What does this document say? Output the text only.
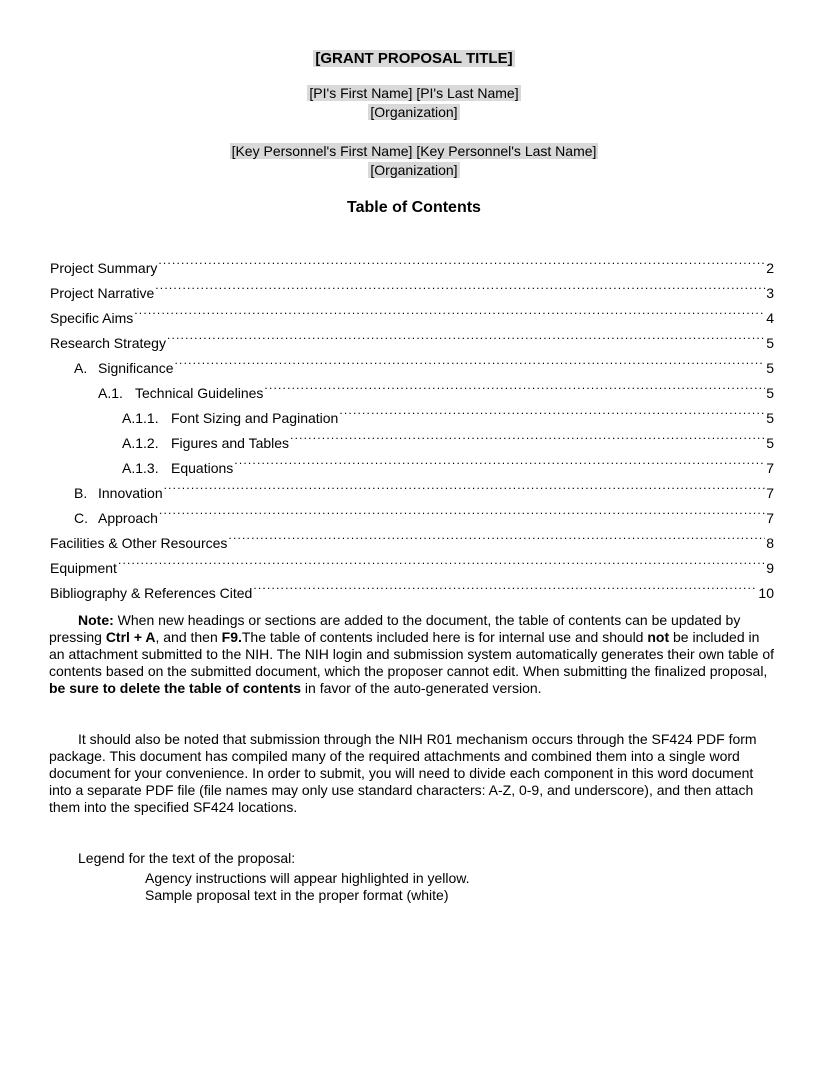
[GRANT PROPOSAL TITLE]
[PI's First Name] [PI's Last Name]
[Organization]
[Key Personnel's First Name] [Key Personnel's Last Name]
[Organization]
Table of Contents
Project Summary .....	2
Project Narrative .....	3
Specific Aims .....	4
Research Strategy .....	5
A. Significance .....	5
A.1. Technical Guidelines .....	5
A.1.1. Font Sizing and Pagination .....	5
A.1.2. Figures and Tables .....	5
A.1.3. Equations .....	7
B. Innovation .....	7
C. Approach .....	7
Facilities & Other Resources .....	8
Equipment .....	9
Bibliography & References Cited .....	10
Note: When new headings or sections are added to the document, the table of contents can be updated by pressing Ctrl + A, and then F9.The table of contents included here is for internal use and should not be included in an attachment submitted to the NIH. The NIH login and submission system automatically generates their own table of contents based on the submitted document, which the proposer cannot edit. When submitting the finalized proposal, be sure to delete the table of contents in favor of the auto-generated version.
It should also be noted that submission through the NIH R01 mechanism occurs through the SF424 PDF form package. This document has compiled many of the required attachments and combined them into a single word document for your convenience. In order to submit, you will need to divide each component in this word document into a separate PDF file (file names may only use standard characters: A-Z, 0-9, and underscore), and then attach them into the specified SF424 locations.
Legend for the text of the proposal:
Agency instructions will appear highlighted in yellow.
Sample proposal text in the proper format (white)
